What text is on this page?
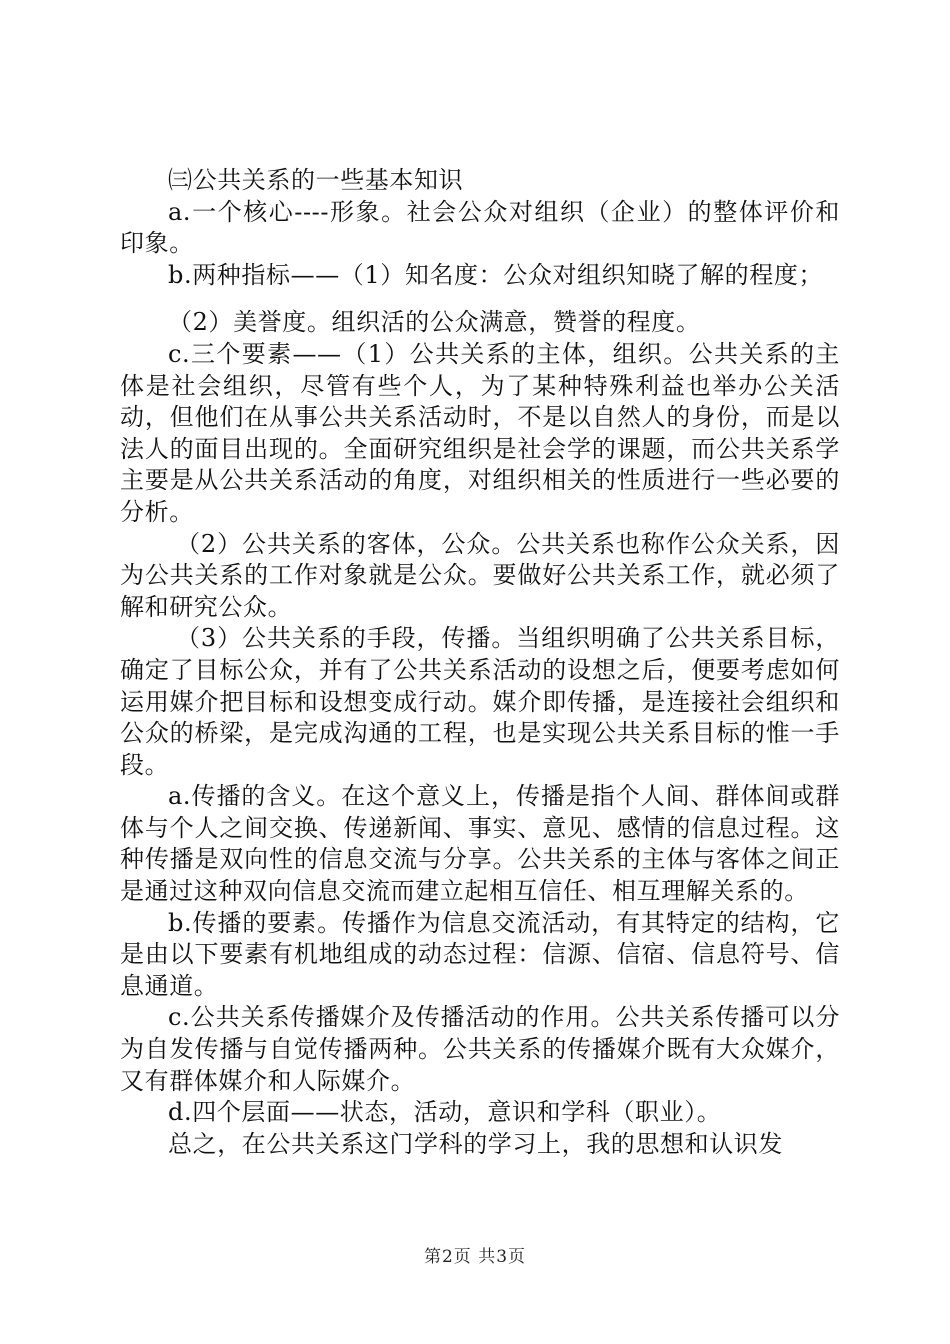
㈢公共关系的一些基本知识

a.一个核心----形象。社会公众对组织（企业）的整体评价和印象。

b.两种指标——（1）知名度：公众对组织知晓了解的程度；

（2）美誉度。组织活的公众满意，赞誉的程度。

c.三个要素——（1）公共关系的主体，组织。公共关系的主体是社会组织，尽管有些个人，为了某种特殊利益也举办公关活动，但他们在从事公共关系活动时，不是以自然人的身份，而是以法人的面目出现的。全面研究组织是社会学的课题，而公共关系学主要是从公共关系活动的角度，对组织相关的性质进行一些必要的分析。

（2）公共关系的客体，公众。公共关系也称作公众关系，因为公共关系的工作对象就是公众。要做好公共关系工作，就必须了解和研究公众。

（3）公共关系的手段，传播。当组织明确了公共关系目标，确定了目标公众，并有了公共关系活动的设想之后，便要考虑如何运用媒介把目标和设想变成行动。媒介即传播，是连接社会组织和公众的桥梁，是完成沟通的工程，也是实现公共关系目标的惟一手段。

a.传播的含义。在这个意义上，传播是指个人间、群体间或群体与个人之间交换、传递新闻、事实、意见、感情的信息过程。这种传播是双向性的信息交流与分享。公共关系的主体与客体之间正是通过这种双向信息交流而建立起相互信任、相互理解关系的。

b.传播的要素。传播作为信息交流活动，有其特定的结构，它是由以下要素有机地组成的动态过程：信源、信宿、信息符号、信息通道。

c.公共关系传播媒介及传播活动的作用。公共关系传播可以分为自发传播与自觉传播两种。公共关系的传播媒介既有大众媒介，又有群体媒介和人际媒介。

d.四个层面——状态，活动，意识和学科（职业）。

总之，在公共关系这门学科的学习上，我的思想和认识发

第2页 共3页
